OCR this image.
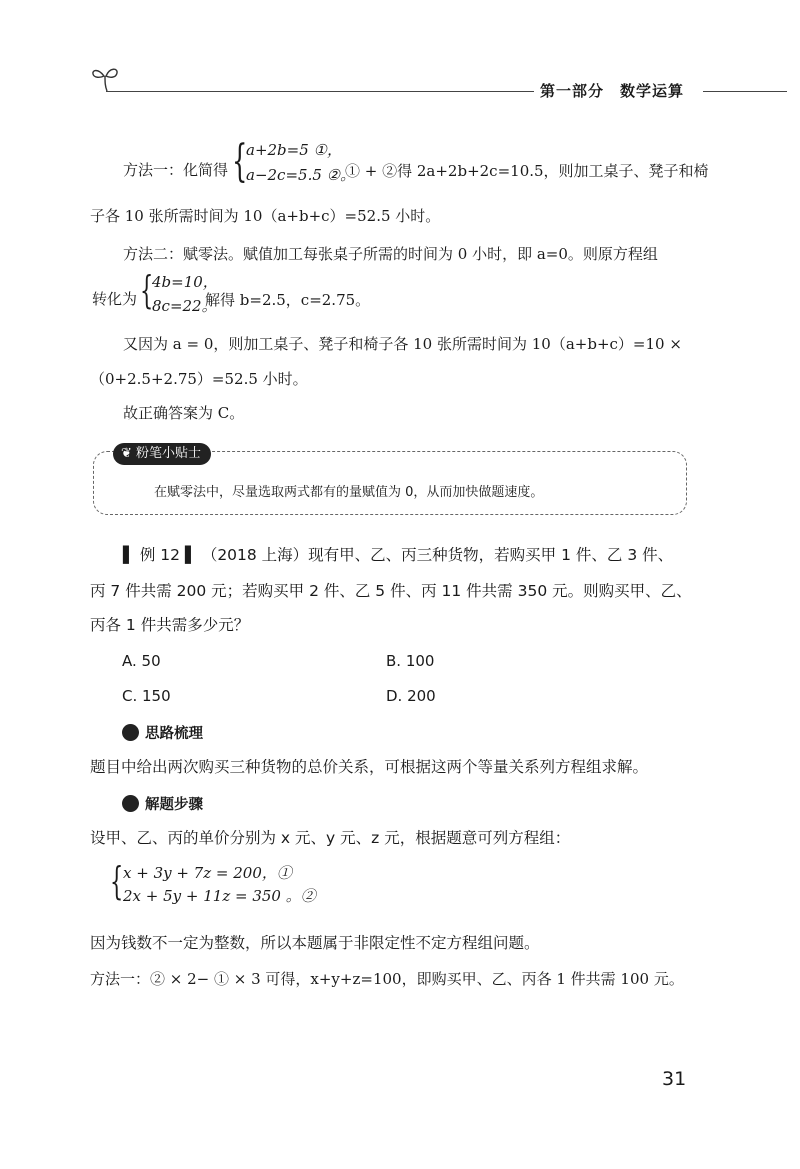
第一部分　数学运算
方法一：化简得 {
a+2b=5 ①，
a−2c=5.5 ②。
① + ②得 2a+2b+2c=10.5，则加工桌子、凳子和椅
子各 10 张所需时间为 10（a+b+c）=52.5 小时。
方法二：赋零法。赋值加工每张桌子所需的时间为 0 小时，即 a=0。则原方程组
转化为 {
4b=10，
8c=22。
解得 b=2.5，c=2.75。
又因为 a = 0，则加工桌子、凳子和椅子各 10 张所需时间为 10（a+b+c）=10 ×
（0+2.5+2.75）=52.5 小时。
故正确答案为 C。
❦ 粉笔小贴士
在赋零法中，尽量选取两式都有的量赋值为 0，从而加快做题速度。
▌ 例 12 ▌ （2018 上海）现有甲、乙、丙三种货物，若购买甲 1 件、乙 3 件、
丙 7 件共需 200 元；若购买甲 2 件、乙 5 件、丙 11 件共需 350 元。则购买甲、乙、
丙各 1 件共需多少元？
A. 50	B. 100
C. 150	D. 200
思路梳理
题目中给出两次购买三种货物的总价关系，可根据这两个等量关系列方程组求解。
解题步骤
设甲、乙、丙的单价分别为 x 元、y 元、z 元，根据题意可列方程组：
{ x + 3y + 7z = 200，①
2x + 5y + 11z = 350 。②
因为钱数不一定为整数，所以本题属于非限定性不定方程组问题。
方法一：② × 2− ① × 3 可得，x+y+z=100，即购买甲、乙、丙各 1 件共需 100 元。
31
